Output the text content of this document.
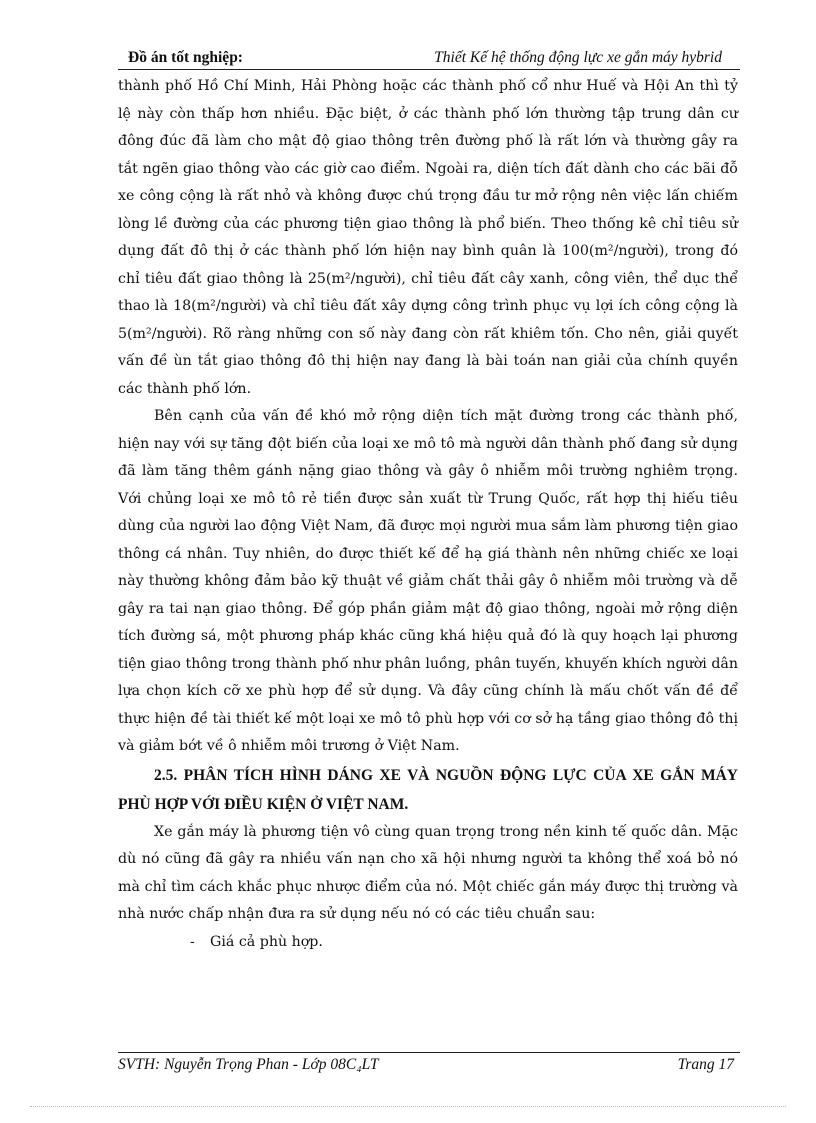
Đồ án tốt nghiệp:	Thiết Kế hệ thống động lực xe gắn máy hybrid

thành phố Hồ Chí Minh, Hải Phòng hoặc các thành phố cổ như Huế và Hội An thì tỷ lệ này còn thấp hơn nhiều. Đặc biệt, ở các thành phố lớn thường tập trung dân cư đông đúc đã làm cho mật độ giao thông trên đường phố là rất lớn và thường gây ra tắt ngẽn giao thông vào các giờ cao điểm. Ngoài ra, diện tích đất dành cho các bãi đỗ xe công cộng là rất nhỏ và không được chú trọng đầu tư mở rộng nên việc lấn chiếm lòng lề đường của các phương tiện giao thông là phổ biến. Theo thống kê chỉ tiêu sử dụng đất đô thị ở các thành phố lớn hiện nay bình quân là 100(m²/người), trong đó chỉ tiêu đất giao thông là 25(m²/người), chỉ tiêu đất cây xanh, công viên, thể dục thể thao là 18(m²/người) và chỉ tiêu đất xây dựng công trình phục vụ lợi ích công cộng là 5(m²/người). Rõ ràng những con số này đang còn rất khiêm tốn. Cho nên, giải quyết vấn đề ùn tắt giao thông đô thị hiện nay đang là bài toán nan giải của chính quyền các thành phố lớn.

Bên cạnh của vấn đề khó mở rộng diện tích mặt đường trong các thành phố, hiện nay với sự tăng đột biến của loại xe mô tô mà người dân thành phố đang sử dụng đã làm tăng thêm gánh nặng giao thông và gây ô nhiễm môi trường nghiêm trọng. Với chủng loại xe mô tô rẻ tiền được sản xuất từ Trung Quốc, rất hợp thị hiếu tiêu dùng của người lao động Việt Nam, đã được mọi người mua sắm làm phương tiện giao thông cá nhân. Tuy nhiên, do được thiết kế để hạ giá thành nên những chiếc xe loại này thường không đảm bảo kỹ thuật về giảm chất thải gây ô nhiễm môi trường và dễ gây ra tai nạn giao thông. Để góp phần giảm mật độ giao thông, ngoài mở rộng diện tích đường sá, một phương pháp khác cũng khá hiệu quả đó là quy hoạch lại phương tiện giao thông trong thành phố như phân luồng, phân tuyến, khuyến khích người dân lựa chọn kích cỡ xe phù hợp để sử dụng. Và đây cũng chính là mấu chốt vấn đề để thực hiện đề tài thiết kế một loại xe mô tô phù hợp với cơ sở hạ tầng giao thông đô thị và giảm bớt về ô nhiễm môi trương ở Việt Nam.

2.5. PHÂN TÍCH HÌNH DÁNG XE VÀ NGUỒN ĐỘNG LỰC CỦA XE GẮN MÁY PHÙ HỢP VỚI ĐIỀU KIỆN Ở VIỆT NAM.

Xe gắn máy là phương tiện vô cùng quan trọng trong nền kinh tế quốc dân. Mặc dù nó cũng đã gây ra nhiều vấn nạn cho xã hội nhưng người ta không thể xoá bỏ nó mà chỉ tìm cách khắc phục nhược điểm của nó. Một chiếc gắn máy được thị trường và nhà nước chấp nhận đưa ra sử dụng nếu nó có các tiêu chuẩn sau:

- Giá cả phù hợp.

SVTH: Nguyễn Trọng Phan - Lớp 08C₄LT	Trang 17
